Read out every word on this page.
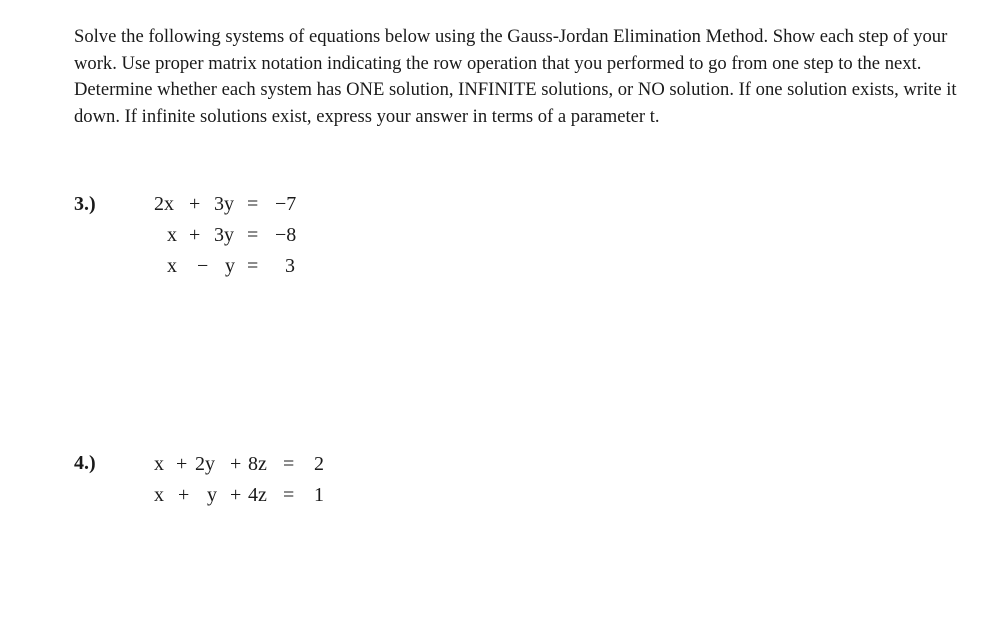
Solve the following systems of equations below using the Gauss-Jordan Elimination Method. Show each step of your work. Use proper matrix notation indicating the row operation that you performed to go from one step to the next. Determine whether each system has ONE solution, INFINITE solutions, or NO solution. If one solution exists, write it down. If infinite solutions exist, express your answer in terms of a parameter t.

3.)	2x + 3y = −7
x + 3y = −8
x − y = 3
4.)	x + 2y + 8z = 2
x + y + 4z = 1
